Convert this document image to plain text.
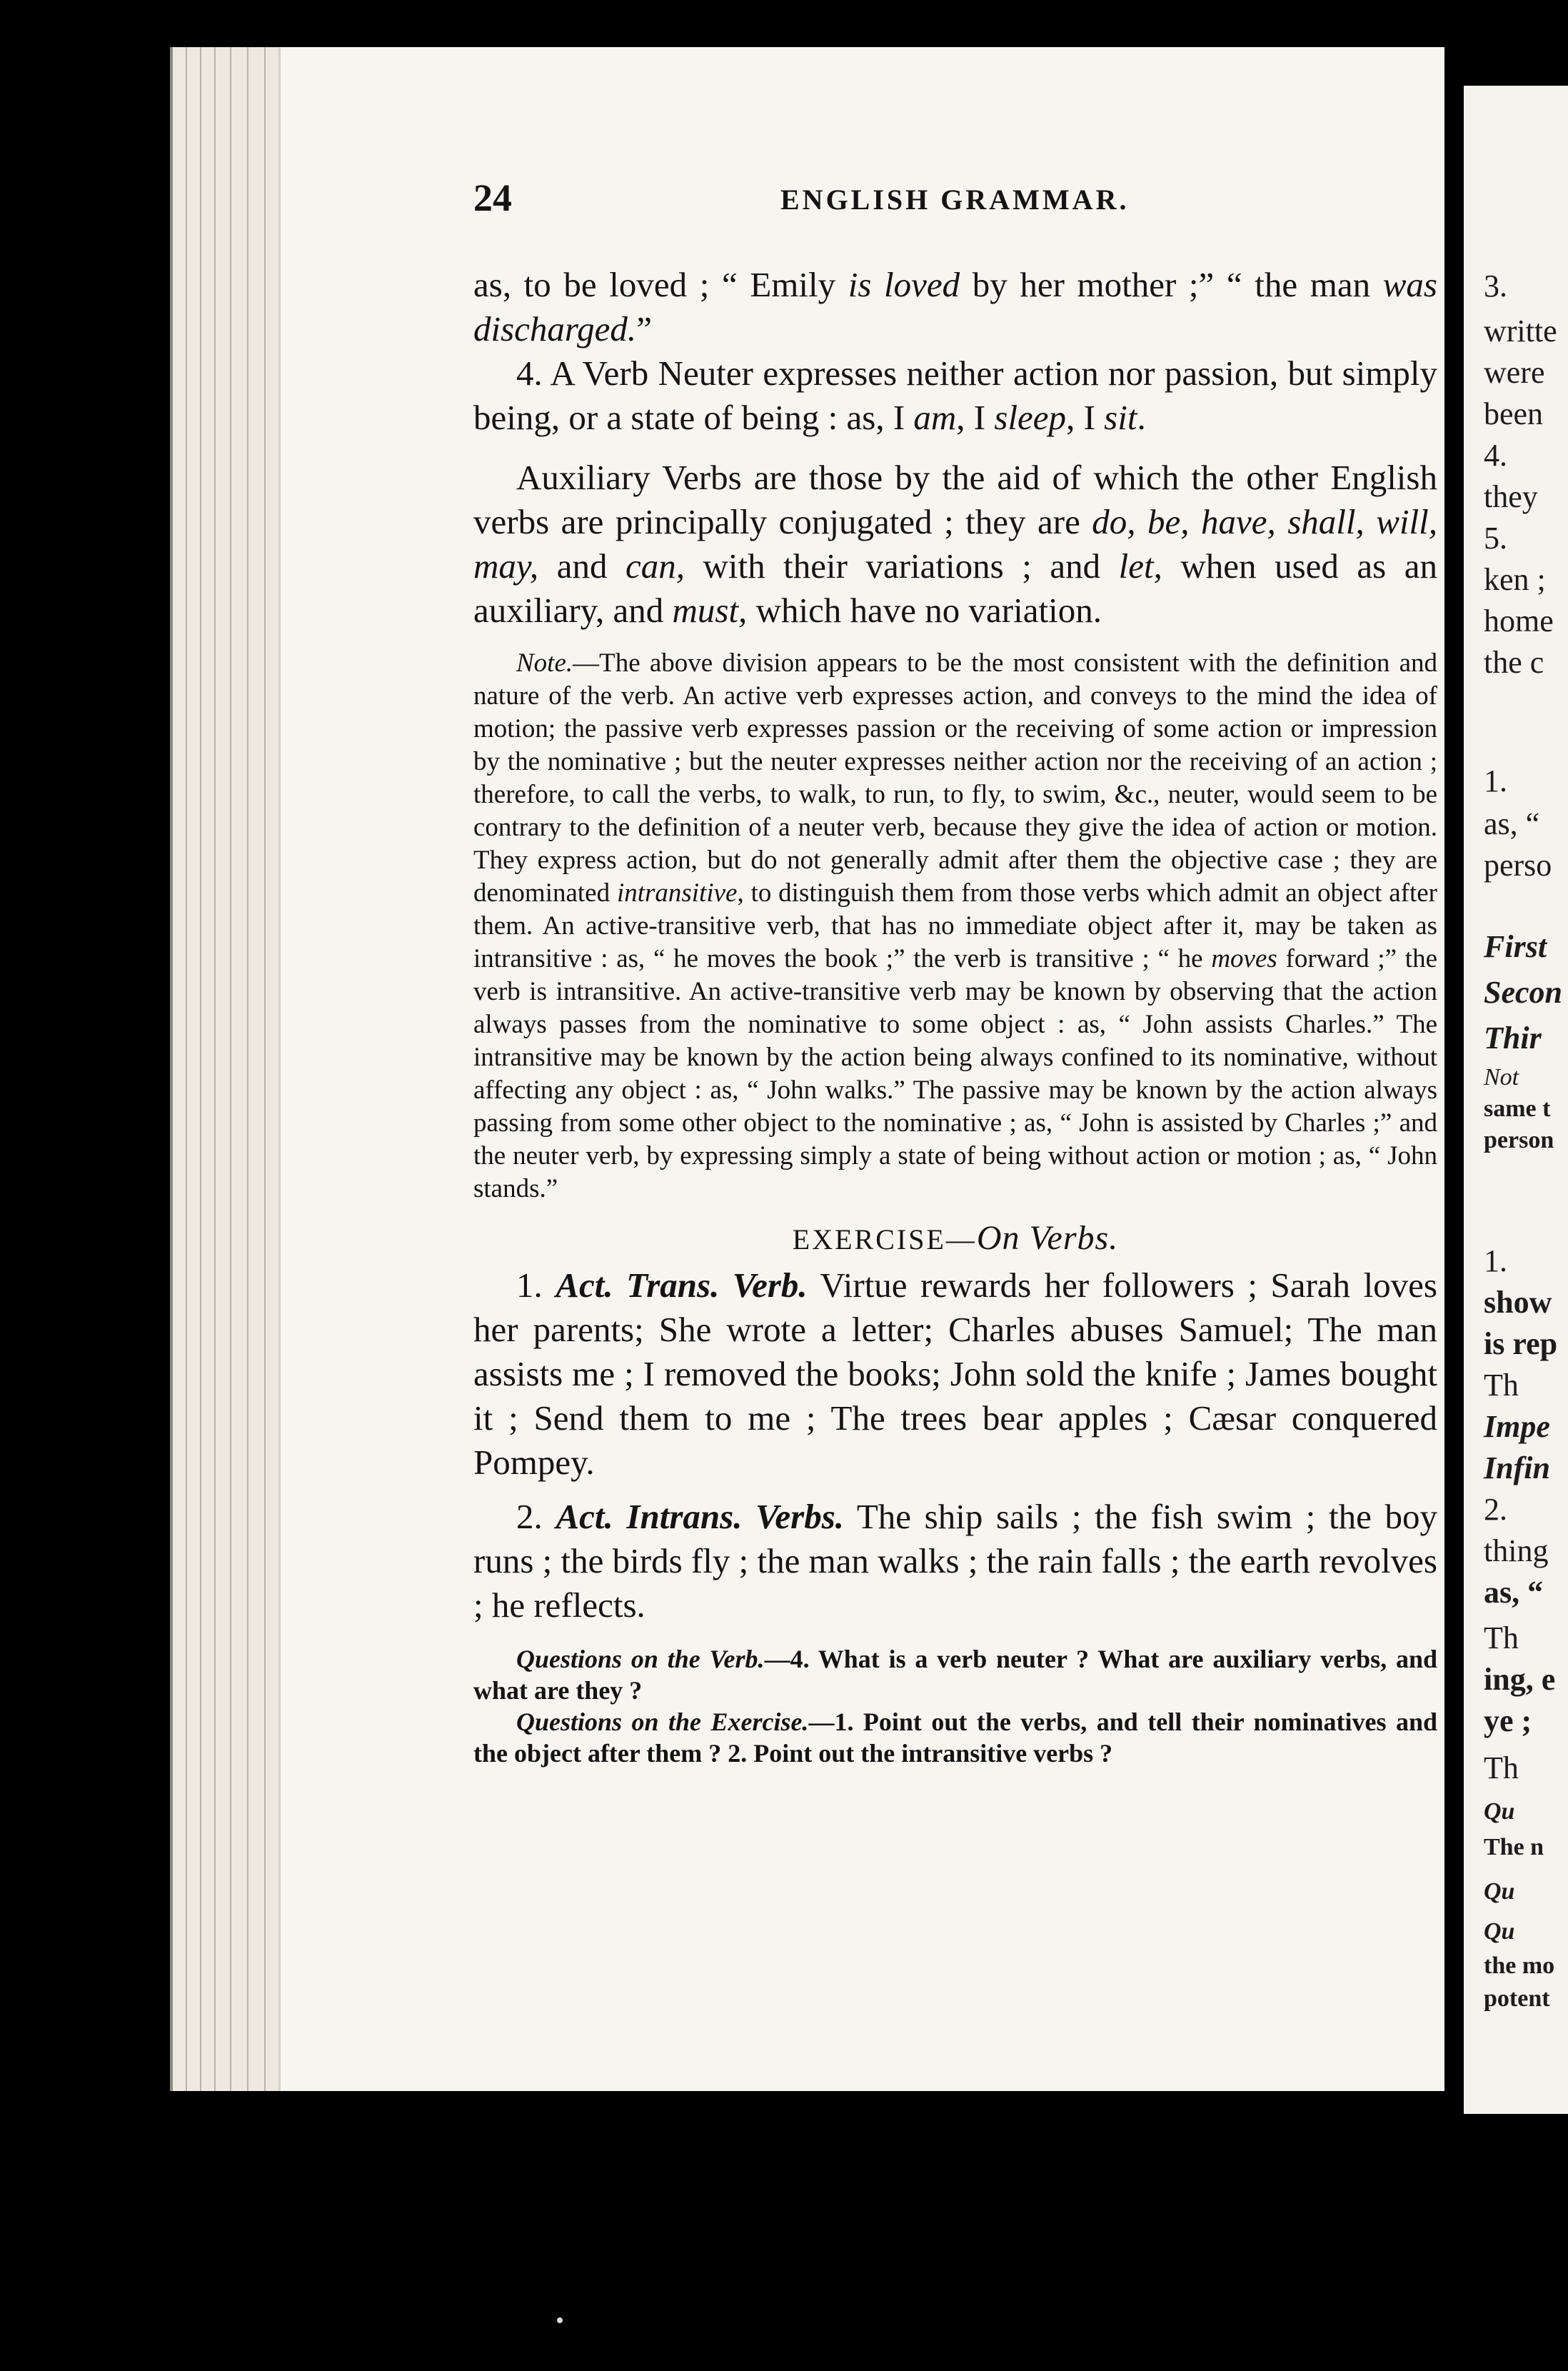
24	ENGLISH GRAMMAR.

as, to be loved ; “ Emily is loved by her mother ;” “ the man was discharged.”

4. A Verb Neuter expresses neither action nor passion, but simply being, or a state of being : as, I am, I sleep, I sit.

Auxiliary Verbs are those by the aid of which the other English verbs are principally conjugated ; they are do, be, have, shall, will, may, and can, with their variations ; and let, when used as an auxiliary, and must, which have no variation.

Note.—The above division appears to be the most consistent with the definition and nature of the verb. An active verb expresses action, and conveys to the mind the idea of motion; the passive verb expresses passion or the receiving of some action or impression by the nominative ; but the neuter expresses neither action nor the receiving of an action ; therefore, to call the verbs, to walk, to run, to fly, to swim, &c., neuter, would seem to be contrary to the definition of a neuter verb, because they give the idea of action or motion. They express action, but do not generally admit after them the objective case ; they are denominated intransitive, to distinguish them from those verbs which admit an object after them. An active-transitive verb, that has no immediate object after it, may be taken as intransitive : as, “ he moves the book ;” the verb is transitive ; “ he moves forward ;” the verb is intransitive. An active-transitive verb may be known by observing that the action always passes from the nominative to some object : as, “ John assists Charles.” The intransitive may be known by the action being always confined to its nominative, without affecting any object : as, “ John walks.” The passive may be known by the action always passing from some other object to the nominative ; as, “ John is assisted by Charles ;” and the neuter verb, by expressing simply a state of being without action or motion ; as, “ John stands.”

EXERCISE—On Verbs.

1. Act. Trans. Verb. Virtue rewards her followers ; Sarah loves her parents; She wrote a letter; Charles abuses Samuel; The man assists me ; I removed the books; John sold the knife ; James bought it ; Send them to me ; The trees bear apples ; Cæsar conquered Pompey.

2. Act. Intrans. Verbs. The ship sails ; the fish swim ; the boy runs ; the birds fly ; the man walks ; the rain falls ; the earth revolves ; he reflects.

Questions on the Verb.—4. What is a verb neuter ? What are auxiliary verbs, and what are they ?

Questions on the Exercise.—1. Point out the verbs, and tell their nominatives and the object after them ? 2. Point out the intransitive verbs ?

3.
writte
were
been
4.
they
5.
ken ;
home
the c
1.
as, “
perso
First
Secon
Thir
Not
same t
person
1.
show
is rep
Th
Impe
Infin
2.
thing
as, “
Th
ing, e
ye ;
Th
Qu
The n
Qu
Qu
the mo
potent
